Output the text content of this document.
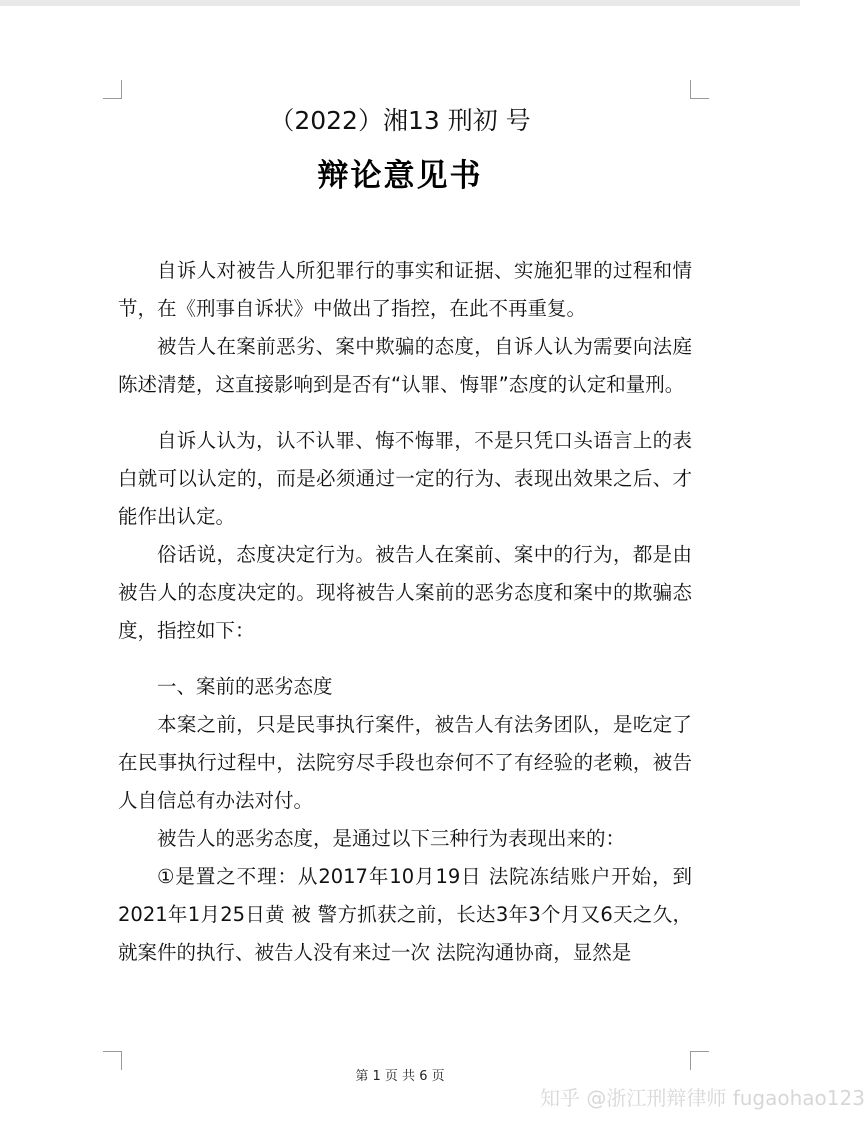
（2022）湘13 刑初 号
辩论意见书

自诉人对被告人所犯罪行的事实和证据、实施犯罪的过程和情节，在《刑事自诉状》中做出了指控，在此不再重复。

被告人在案前恶劣、案中欺骗的态度，自诉人认为需要向法庭陈述清楚，这直接影响到是否有“认罪、悔罪”态度的认定和量刑。

自诉人认为，认不认罪、悔不悔罪，不是只凭口头语言上的表白就可以认定的，而是必须通过一定的行为、表现出效果之后、才能作出认定。

俗话说，态度决定行为。被告人在案前、案中的行为，都是由被告人的态度决定的。现将被告人案前的恶劣态度和案中的欺骗态度，指控如下：

一、案前的恶劣态度

本案之前，只是民事执行案件，被告人有法务团队，是吃定了在民事执行过程中，法院穷尽手段也奈何不了有经验的老赖，被告人自信总有办法对付。

被告人的恶劣态度，是通过以下三种行为表现出来的：

①是置之不理：从2017年10月19日 法院冻结账户开始，到2021年1月25日黄 被 警方抓获之前，长达3年3个月又6天之久，就案件的执行、被告人没有来过一次 法院沟通协商，显然是

第 1 页 共 6 页
知乎 @浙江刑辩律师 fugaohao123
